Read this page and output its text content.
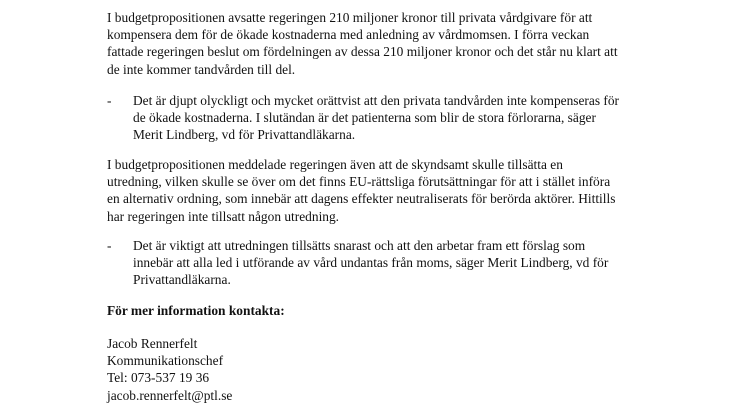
I budgetpropositionen avsatte regeringen 210 miljoner kronor till privata vårdgivare för att
kompensera dem för de ökade kostnaderna med anledning av vårdmomsen. I förra veckan
fattade regeringen beslut om fördelningen av dessa 210 miljoner kronor och det står nu klart att
de inte kommer tandvården till del.
-	Det är djupt olyckligt och mycket orättvist att den privata tandvården inte kompenseras för
de ökade kostnaderna. I slutändan är det patienterna som blir de stora förlorarna, säger
Merit Lindberg, vd för Privattandläkarna.
I budgetpropositionen meddelade regeringen även att de skyndsamt skulle tillsätta en
utredning, vilken skulle se över om det finns EU-rättsliga förutsättningar för att i stället införa
en alternativ ordning, som innebär att dagens effekter neutraliserats för berörda aktörer. Hittills
har regeringen inte tillsatt någon utredning.
-	Det är viktigt att utredningen tillsätts snarast och att den arbetar fram ett förslag som
innebär att alla led i utförande av vård undantas från moms, säger Merit Lindberg, vd för
Privattandläkarna.
För mer information kontakta:
Jacob Rennerfelt
Kommunikationschef
Tel: 073-537 19 36
jacob.rennerfelt@ptl.se
